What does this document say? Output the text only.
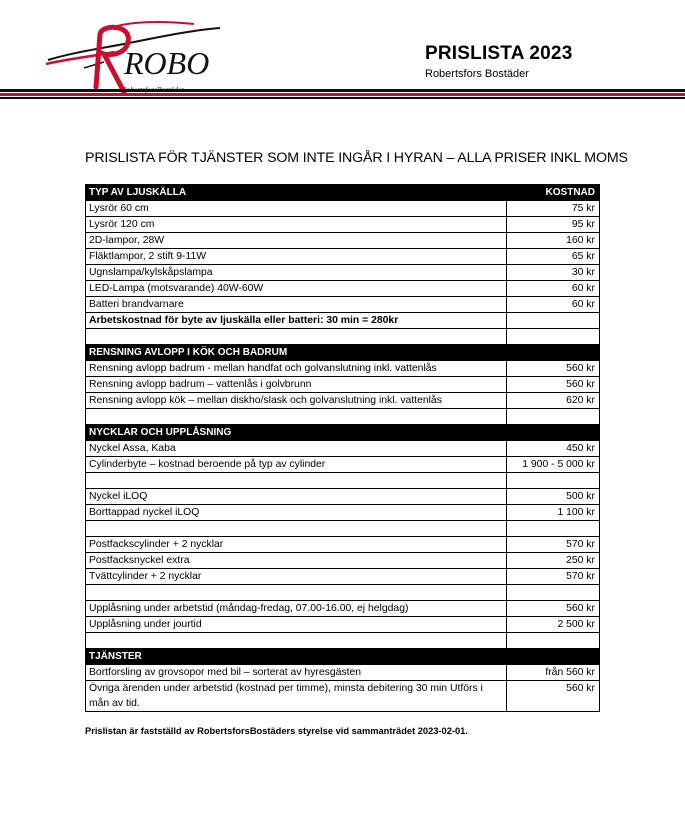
ROBO	PRISLISTA 2023
Robertsfors Bostäder
PRISLISTA FÖR TJÄNSTER SOM INTE INGÅR I HYRAN – ALLA PRISER INKL MOMS
TYP AV LJUSKÄLLA	KOSTNAD
Lysrör 60 cm	75 kr
Lysrör 120 cm	95 kr
2D-lampor, 28W	160 kr
Fläktlampor, 2 stift 9-11W	65 kr
Ugnslampa/kylskåpslampa	30 kr
LED-Lampa (motsvarande) 40W-60W	60 kr
Batteri brandvarnare	60 kr
Arbetskostnad för byte av ljuskälla eller batteri: 30 min = 280kr	

RENSNING AVLOPP I KÖK OCH BADRUM	
Rensning avlopp badrum - mellan handfat och golvanslutning inkl. vattenlås	560 kr
Rensning avlopp badrum – vattenlås i golvbrunn	560 kr
Rensning avlopp kök – mellan diskho/slask och golvanslutning inkl. vattenlås	620 kr

NYCKLAR OCH UPPLÅSNING	
Nyckel Assa, Kaba	450 kr
Cylinderbyte – kostnad beroende på typ av cylinder	1 900 - 5 000 kr

Nyckel iLOQ	500 kr
Borttappad nyckel iLOQ	1 100 kr

Postfackscylinder + 2 nycklar	570 kr
Postfacksnyckel extra	250 kr
Tvättcylinder + 2 nycklar	570 kr

Upplåsning under arbetstid (måndag-fredag, 07.00-16.00, ej helgdag)	560 kr
Upplåsning under jourtid	2 500 kr

TJÄNSTER	
Bortforsling av grovsopor med bil – sorterat av hyresgästen	från 560 kr
Övriga ärenden under arbetstid (kostnad per timme), minsta debitering 30 min Utförs i mån av tid.	560 kr
Prislistan är fastställd av RobertsforsBostäders styrelse vid sammanträdet 2023-02-01.
